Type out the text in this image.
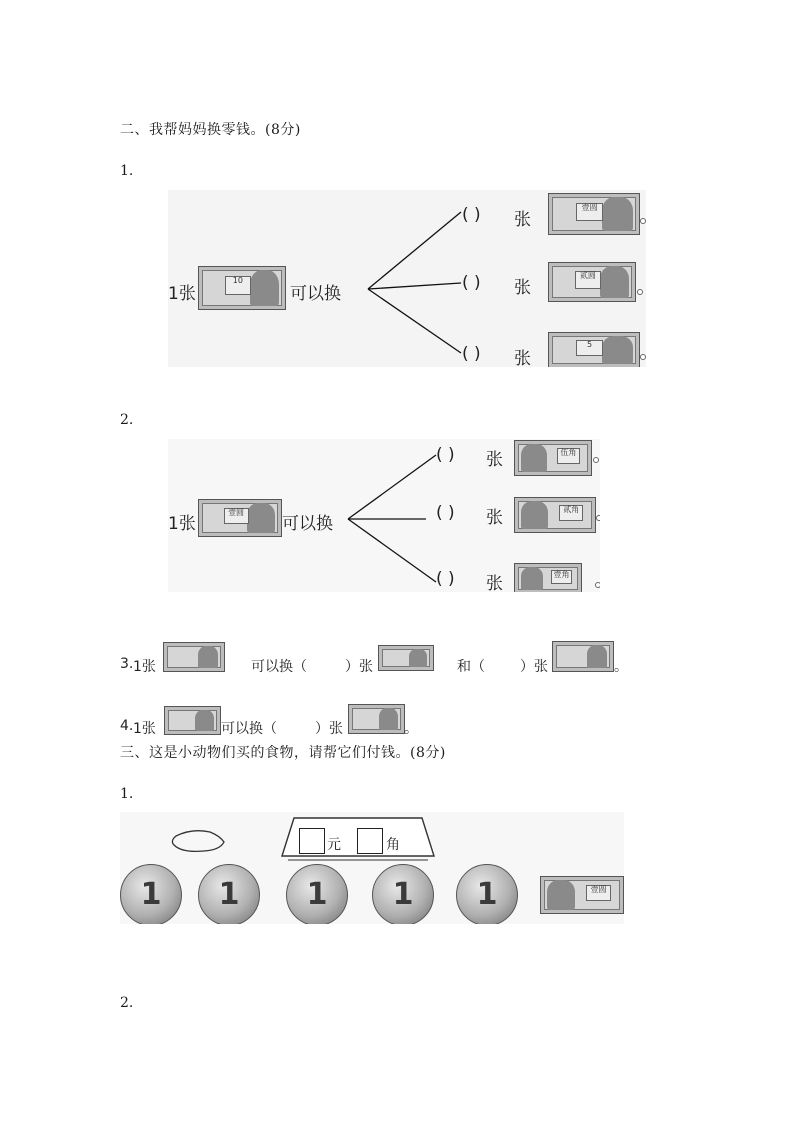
二、我帮妈妈换零钱。(8分)
1.
1张
10
可以换
( ) 张
壹圆
( ) 张
贰圆
( ) 张
5
2.
1张
壹圆
可以换
( ) 张	伍角
( ) 张	贰角
( ) 张	壹角
3. 1张	可以换（	）张	和（	）张	。
4. 1张	可以换（	）张	。
三、这是小动物们买的食物，请帮它们付钱。(8分)
1.
元	角
1	1	1	1	1	壹圆
2.
